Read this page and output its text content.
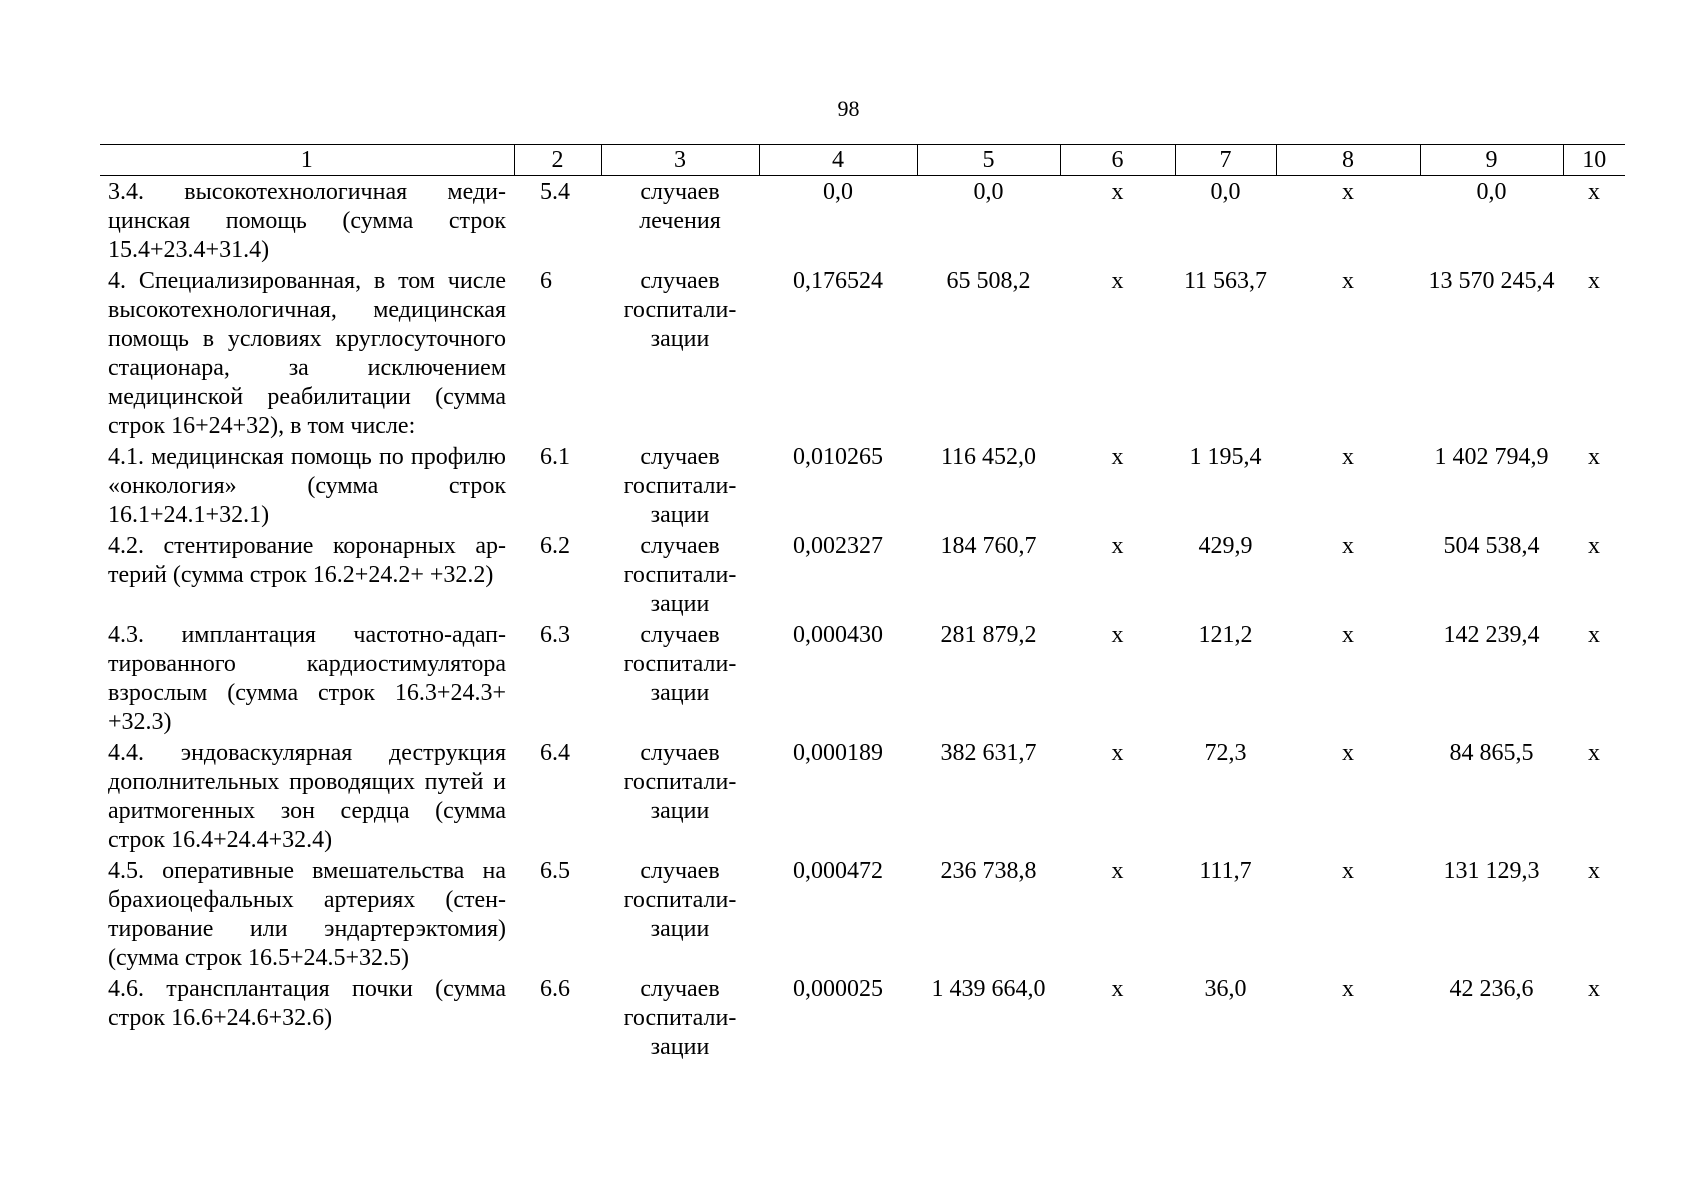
98
1	2	3	4	5	6	7	8	9	10
3.4. высокотехнологичная медицинская помощь (сумма строк 15.4+23.4+31.4)	5.4	случаев лечения	0,0	0,0	х	0,0	х	0,0	х
4. Специализированная, в том числе высокотехнологичная, медицинская помощь в условиях круглосуточного стационара, за исключением медицинской реабилитации (сумма строк 16+24+32), в том числе:	6	случаев госпитализации	0,176524	65 508,2	х	11 563,7	х	13 570 245,4	х
4.1. медицинская помощь по профилю «онкология» (сумма строк 16.1+24.1+32.1)	6.1	случаев госпитализации	0,010265	116 452,0	х	1 195,4	х	1 402 794,9	х
4.2. стентирование коронарных артерий (сумма строк 16.2+24.2+ +32.2)	6.2	случаев госпитализации	0,002327	184 760,7	х	429,9	х	504 538,4	х
4.3. имплантация частотно-адаптированного кардиостимулятора взрослым (сумма строк 16.3+24.3+ +32.3)	6.3	случаев госпитализации	0,000430	281 879,2	х	121,2	х	142 239,4	х
4.4. эндоваскулярная деструкция дополнительных проводящих путей и аритмогенных зон сердца (сумма строк 16.4+24.4+32.4)	6.4	случаев госпитализации	0,000189	382 631,7	х	72,3	х	84 865,5	х
4.5. оперативные вмешательства на брахиоцефальных артериях (стентирование или эндартерэктомия) (сумма строк 16.5+24.5+32.5)	6.5	случаев госпитализации	0,000472	236 738,8	х	111,7	х	131 129,3	х
4.6. трансплантация почки (сумма строк 16.6+24.6+32.6)	6.6	случаев госпитализации	0,000025	1 439 664,0	х	36,0	х	42 236,6	х
